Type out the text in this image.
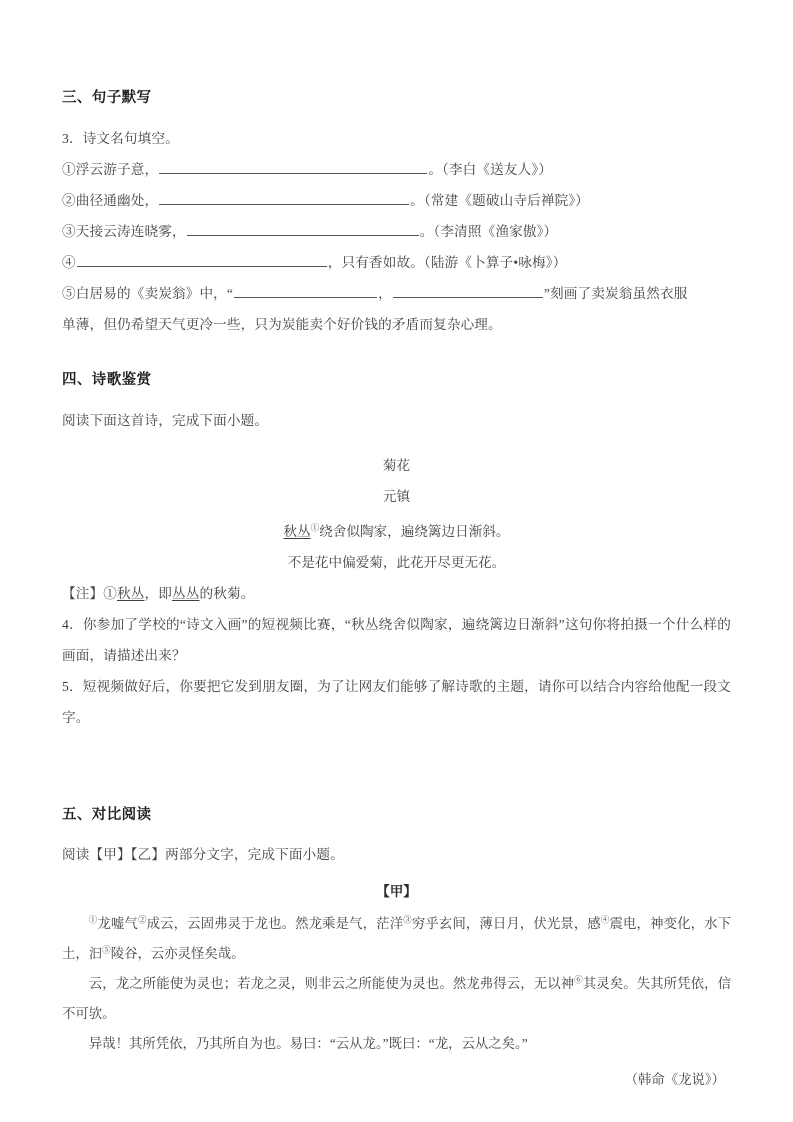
三、句子默写

3．诗文名句填空。

①浮云游子意，	。（李白《送友人》）

②曲径通幽处，	。（常建《题破山寺后禅院》）

③天接云涛连晓雾，	。（李清照《渔家傲》）

④	，只有香如故。（陆游《卜算子•咏梅》）

⑤白居易的《卖炭翁》中，“	，	”刻画了卖炭翁虽然衣服

单薄，但仍希望天气更冷一些，只为炭能卖个好价钱的矛盾而复杂心理。

四、诗歌鉴赏

阅读下面这首诗，完成下面小题。

菊花

元镇

秋丛①绕舍似陶家，遍绕篱边日渐斜。

不是花中偏爱菊，此花开尽更无花。

【注】①秋丛，即丛丛的秋菊。

4．你参加了学校的“诗文入画”的短视频比赛，“秋丛绕舍似陶家，遍绕篱边日渐斜”这句你将拍摄一个什么样的画面，请描述出来？

5．短视频做好后，你要把它发到朋友圈，为了让网友们能够了解诗歌的主题，请你可以结合内容给他配一段文字。

五、对比阅读

阅读【甲】【乙】两部分文字，完成下面小题。

【甲】

①龙嘘气②成云，云固弗灵于龙也。然龙乘是气，茫洋③穷乎玄间，薄日月，伏光景，感④震电，神变化，水下土，汩⑤陵谷，云亦灵怪矣哉。

云，龙之所能使为灵也；若龙之灵，则非云之所能使为灵也。然龙弗得云，无以神⑥其灵矣。失其所凭依，信不可欤。

异哉！其所凭依，乃其所自为也。易曰：“云从龙。”既曰：“龙，云从之矣。”

（韩命《龙说》）
